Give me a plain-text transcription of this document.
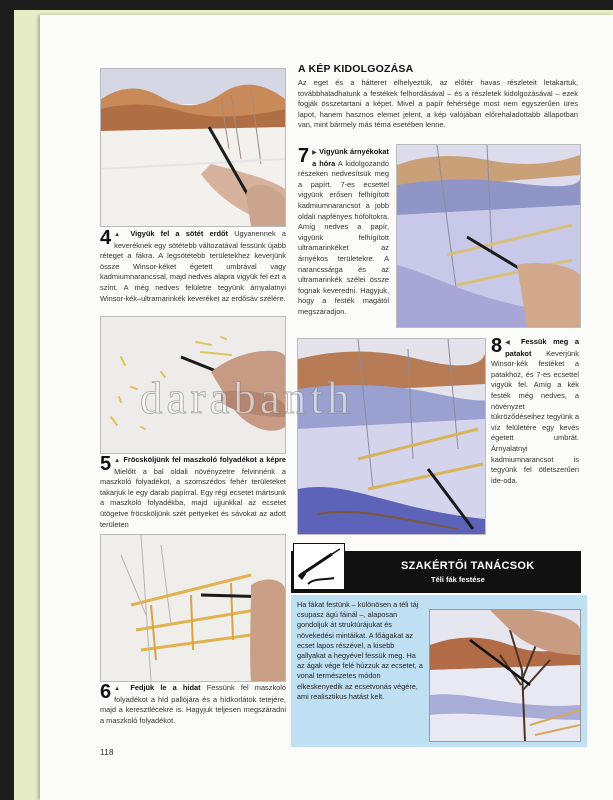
4 ▲ Vigyük fel a sötét erdőt Ugyanennek a keveréknek egy sötétebb változatával fessünk újabb réteget a fákra. A legsötétebb területekhez keverjünk össze Winsor-kéket égetett umbrával vagy kadmiumnarancssal, majd nedves alapra vigyük fel ezt a színt. A még nedves felületre tegyünk árnyalatnyi Winsor-kék–ultramarinkék keveréket az erdősáv szélére.
5 ▲ Fröcsköljünk fel maszkoló folyadékot a képre Mielőtt a bal oldali növényzetre felvinnénk a maszkoló folyadékot, a szomszédos fehér területeket takarjuk le egy darab papírral. Egy régi ecsetet mártsunk a maszkoló folyadékba, majd ujjunkkal az ecsetet ütögetve fröcsköljünk szét pettyeket és sávokat az adott területen
6 ▲ Fedjük le a hidat Fessünk fel maszkoló folyadékot a híd pallójára és a hídkorlátok tetejére, majd a keresztlécekre is. Hagyjuk teljesen megszáradni a maszkoló folyadékot.
A KÉP KIDOLGOZÁSA
Az eget és a hátteret elhelyeztük, az előtér havas részleteit letakartuk, továbbhaladhatunk a festékek felhordásával – és a részletek kidolgozásával – ezek fogják összetartani a képet. Mivel a papír fehérsége most nem egyszerűen üres lapot, hanem hasznos elemet jelent, a kép valójában előrehaladottabb állapotban van, mint bármely más téma esetében lenne.
7 ▶ Vigyünk árnyékokat a hóra A kidolgozandó részeken nedvesítsük meg a papírt. 7-es ecsettel vigyünk erősen felhígított kadmiumnarancsot a jobb oldali napfényes hófoltokra. Amíg nedves a papír, vigyünk felhígított ultramarinkéket az árnyékos területekre. A narancssárga és az ultramarinkék szélei össze fognak keveredni. Hagyjuk, hogy a festék magától megszáradjon.
8 ◀ Fessük meg a patakot Keverjünk Winsor-kék festéket a patakhoz, és 7-es ecsettel vigyük fel. Amíg a kék festék még nedves, a növényzet tükröződéseihez tegyünk a víz felületére egy kevés égetett umbrát. Árnyalatnyi kadmiumnarancsot is tegyünk fel ötletszerűen ide-oda.
SZAKÉRTŐI TANÁCSOK
Téli fák festése
Ha fákat festünk – különösen a téli táj csupasz ágú fáinál –, alaposan gondoljuk át struktúrájukat és növekedési mintáikat. A főágakat az ecset lapos részével, a kisebb gallyakat a hegyével fessük meg. Ha az ágak vége felé húzzuk az ecsetet, a vonal természetes módon elkeskenyedik az ecsetvonás végére, ami realisztikus hatást kelt.
118
darabanth
